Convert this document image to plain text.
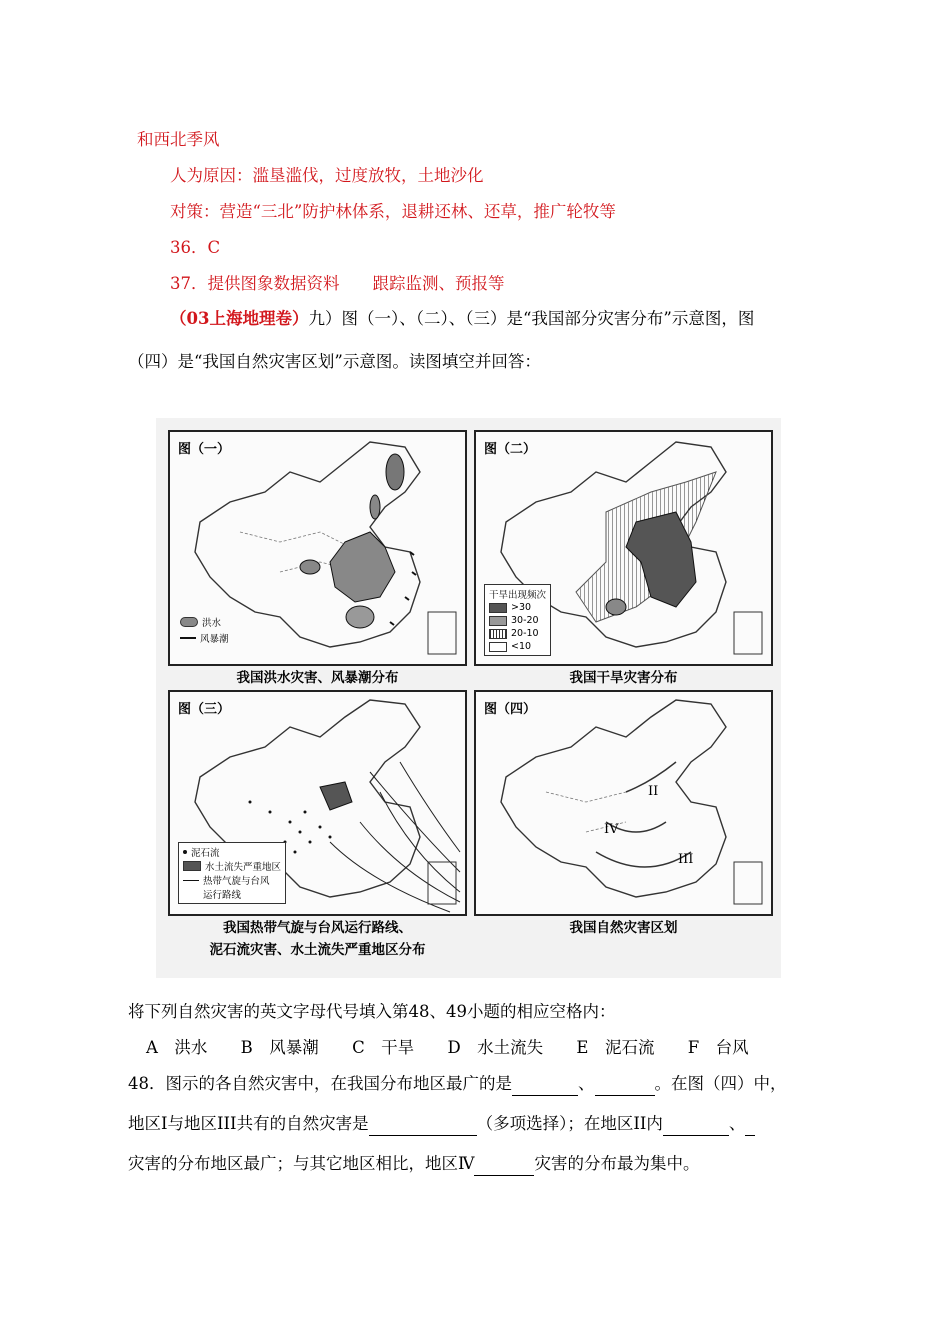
和西北季风
人为原因：滥垦滥伐，过度放牧，土地沙化
对策：营造“三北”防护林体系，退耕还林、还草，推广轮牧等
36．C
37．提供图象数据资料　　跟踪监测、预报等
（03上海地理卷）九）图（一）、（二）、（三）是“我国部分灾害分布”示意图，图
（四）是“我国自然灾害区划”示意图。读图填空并回答：
图（一）
洪水
风暴潮
我国洪水灾害、风暴潮分布
图（二）
干旱出现频次
>30
30-20
20-10
<10
我国干旱灾害分布
图（三）
泥石流
水土流失严重地区
热带气旋与台风
运行路线
我国热带气旋与台风运行路线、
泥石流灾害、水土流失严重地区分布
图（四）
II
IV
III
我国自然灾害区划
将下列自然灾害的英文字母代号填入第48、49小题的相应空格内：
A　洪水 B　风暴潮 C　干旱 D　水土流失 E　泥石流 F　台风
48．图示的各自然灾害中，在我国分布地区最广的是	、	。在图（四）中，
地区Ⅰ与地区III共有的自然灾害是	（多项选择）；在地区II内	、
灾害的分布地区最广；与其它地区相比，地区Ⅳ	灾害的分布最为集中。
